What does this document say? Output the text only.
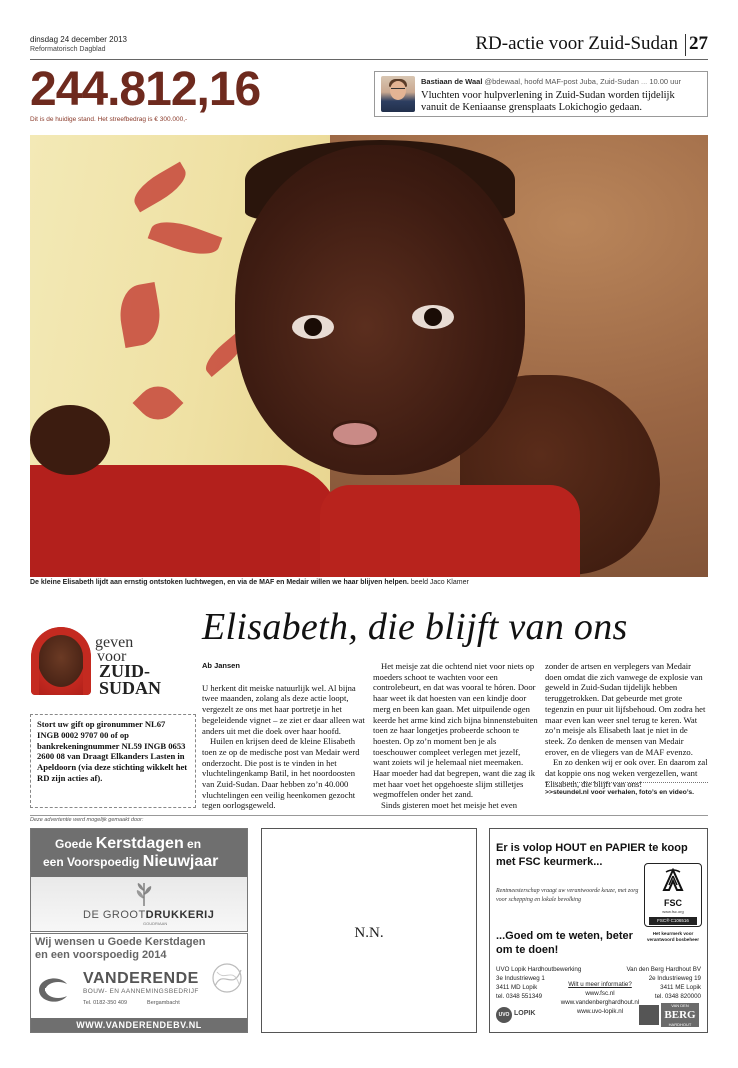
dinsdag 24 december 2013
Reformatorisch Dagblad	RD-actie voor Zuid-Sudan 27
244.812,16
Dit is de huidige stand. Het streefbedrag is € 300.000,-
Bastiaan de Waal @bdewaal, hoofd MAF-post Juba, Zuid-Sudan ... 10.00 uur
Vluchten voor hulpverlening in Zuid-Sudan worden tijdelijk vanuit de Keniaanse grensplaats Lokichogio gedaan.
De kleine Elisabeth lijdt aan ernstig ontstoken luchtwegen, en via de MAF en Medair willen we haar blijven helpen. beeld Jaco Klamer
geven
voor
ZUID-
SUDAN
Stort uw gift op gironummer NL67 INGB 0002 9707 00 of op bankrekeningnummer NL59 INGB 0653 2600 08 van Draagt Elkanders Lasten in Apeldoorn (via deze stichting wikkelt het RD zijn acties af).
Elisabeth, die blijft van ons
Ab Jansen

U herkent dit meiske natuurlijk wel. Al bijna twee maanden, zolang als deze actie loopt, vergezelt ze ons met haar portretje in het begeleidende vignet – ze ziet er daar alleen wat anders uit met die doek over haar hoofd.

Huilen en krijsen deed de kleine Elisabeth toen ze op de medische post van Medair werd onderzocht. Die post is te vinden in het vluchtelingenkamp Batil, in het noordoosten van Zuid-Sudan. Daar hebben zo’n 40.000 vluchtelingen een veilig heenkomen gezocht tegen oorlogsgeweld.

Het meisje zat die ochtend niet voor niets op moeders schoot te wachten voor een controlebeurt, en dat was vooral te hóren. Door haar weet ik dat hoesten van een kindje door merg en been kan gaan. Met uitpuilende ogen keerde het arme kind zich bijna binnenstebuiten toen ze haar longetjes probeerde schoon te hoesten. Op zo’n moment ben je als toeschouwer compleet verlegen met jezelf, want zoiets wil je helemaal niet meemaken. Haar moeder had dat begrepen, want die zag ik met haar voet het opgehoeste slijm stilletjes wegmoffelen onder het zand.

Sinds gisteren moet het meisje het even

zonder de artsen en verplegers van Medair doen omdat die zich vanwege de explosie van geweld in Zuid-Sudan tijdelijk hebben teruggetrokken. Dat gebeurde met grote tegenzin en puur uit lijfsbehoud. Om zodra het maar even kan weer snel terug te keren. Wat zo’n meisje als Elisabeth laat je niet in de steek. Zo denken de mensen van Medair erover, en de vliegers van de MAF evenzo.

En zo denken wij er ook over. En daarom zal dat koppie ons nog weken vergezellen, want Elisabeth, die blijft van ons!

>>steundel.nl voor verhalen, foto’s en video’s.
Deze advertentie werd mogelijk gemaakt door:
Goede Kerstdagen en
een Voorspoedig Nieuwjaar
DE GROOTDRUKKERIJ
GOUDRIAAN
Wij wensen u Goede Kerstdagen
en een voorspoedig 2014
VANDERENDE
BOUW- EN AANNEMINGSBEDRIJF
Tel. 0182-350 409	Bergambacht
WWW.VANDERENDEBV.NL
N.N.
Er is volop HOUT en PAPIER te koop met FSC keurmerk...
Rentmeesterschap vraagt uw verantwoorde keuze, met zorg voor schepping en lokale bevolking
...Goed om te weten, beter om te doen!
FSC
www.fsc.org
FSC® C106516
Het keurmerk voor verantwoord bosbeheer
UVO Lopik Hardhoutbewerking
3e Industrieweg 1
3411 MD Lopik
tel. 0348 551349
Van den Berg Hardhout BV
2e Industrieweg 19
3411 ME Lopik
tel. 0348 820000
Wilt u meer informatie?
www.fsc.nl
www.vandenberghardhout.nl
www.uvo-lopik.nl
UVO LOPIK
VAN DEN
BERG
HARDHOUT
